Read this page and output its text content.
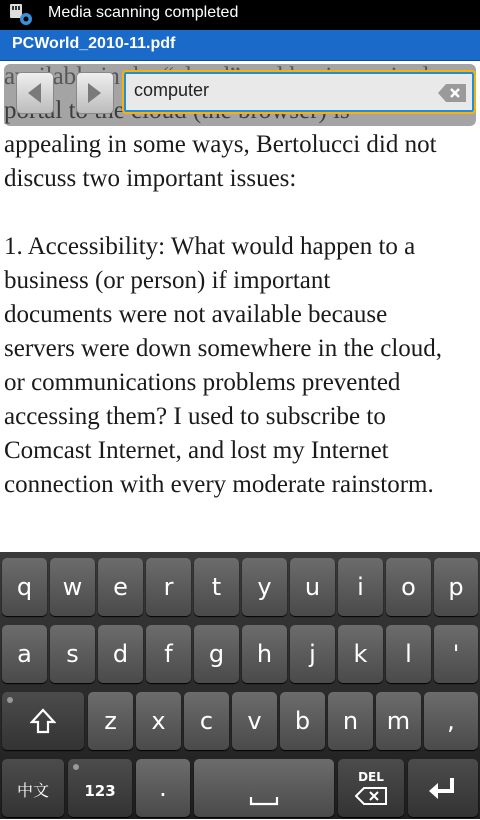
Media scanning completed
PCWorld_2010-11.pdf
appealing in some ways, Bertolucci did not
discuss two important issues:
1. Accessibility: What would happen to a
business (or person) if important
documents were not available because
servers were down somewhere in the cloud,
or communications problems prevented
accessing them? I used to subscribe to
Comcast Internet, and lost my Internet
connection with every moderate rainstorm.
computer
q	w	e	r	t	y	u	i	o	p
a	s	d	f	g	h	j	k	l	'
z	x	c	v	b	n	m	,
中文	123	.	DEL
